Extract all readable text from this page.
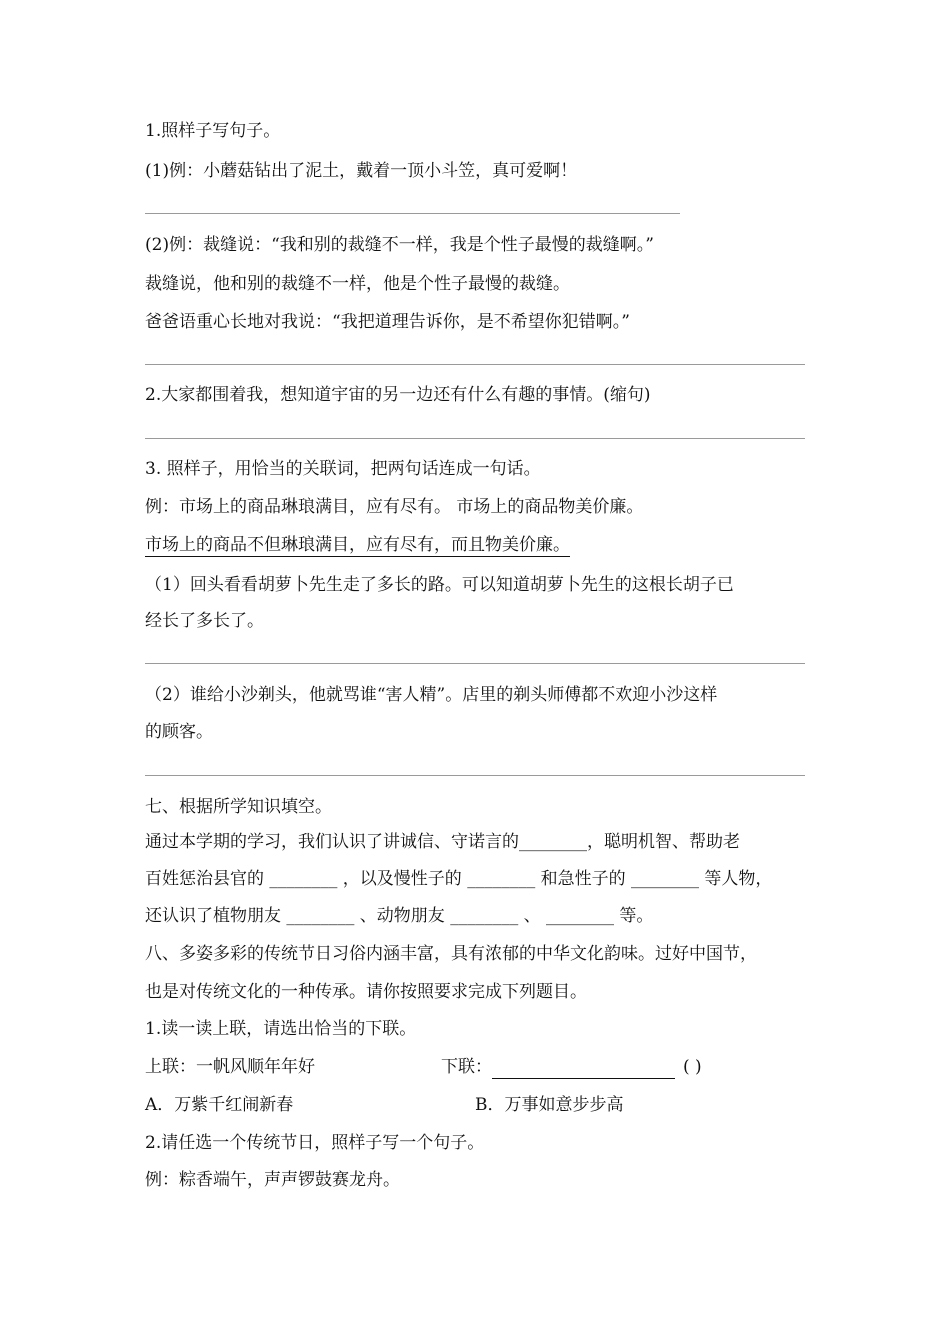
1.照样子写句子。
(1)例：小蘑菇钻出了泥土，戴着一顶小斗笠，真可爱啊！
(2)例：裁缝说：“我和别的裁缝不一样，我是个性子最慢的裁缝啊。”
裁缝说，他和别的裁缝不一样，他是个性子最慢的裁缝。
爸爸语重心长地对我说：“我把道理告诉你，是不希望你犯错啊。”
2.大家都围着我，想知道宇宙的另一边还有什么有趣的事情。(缩句)
3. 照样子，用恰当的关联词，把两句话连成一句话。
例：市场上的商品琳琅满目，应有尽有。 市场上的商品物美价廉。
市场上的商品不但琳琅满目，应有尽有，而且物美价廉。
（1）回头看看胡萝卜先生走了多长的路。可以知道胡萝卜先生的这根长胡子已
经长了多长了。
（2）谁给小沙剃头，他就骂谁“害人精”。店里的剃头师傅都不欢迎小沙这样
的顾客。
七、根据所学知识填空。
通过本学期的学习，我们认识了讲诚信、守诺言的________，聪明机智、帮助老
百姓惩治县官的 ________ ，以及慢性子的 ________ 和急性子的 ________ 等人物，
还认识了植物朋友 ________ 、动物朋友 ________ 、 ________ 等。
八、多姿多彩的传统节日习俗内涵丰富，具有浓郁的中华文化韵味。过好中国节，
也是对传统文化的一种传承。请你按照要求完成下列题目。
1.读一读上联，请选出恰当的下联。
上联：一帆风顺年年好	下联：	( )
A．万紫千红闹新春	B．万事如意步步高
2.请任选一个传统节日，照样子写一个句子。
例：粽香端午，声声锣鼓赛龙舟。
